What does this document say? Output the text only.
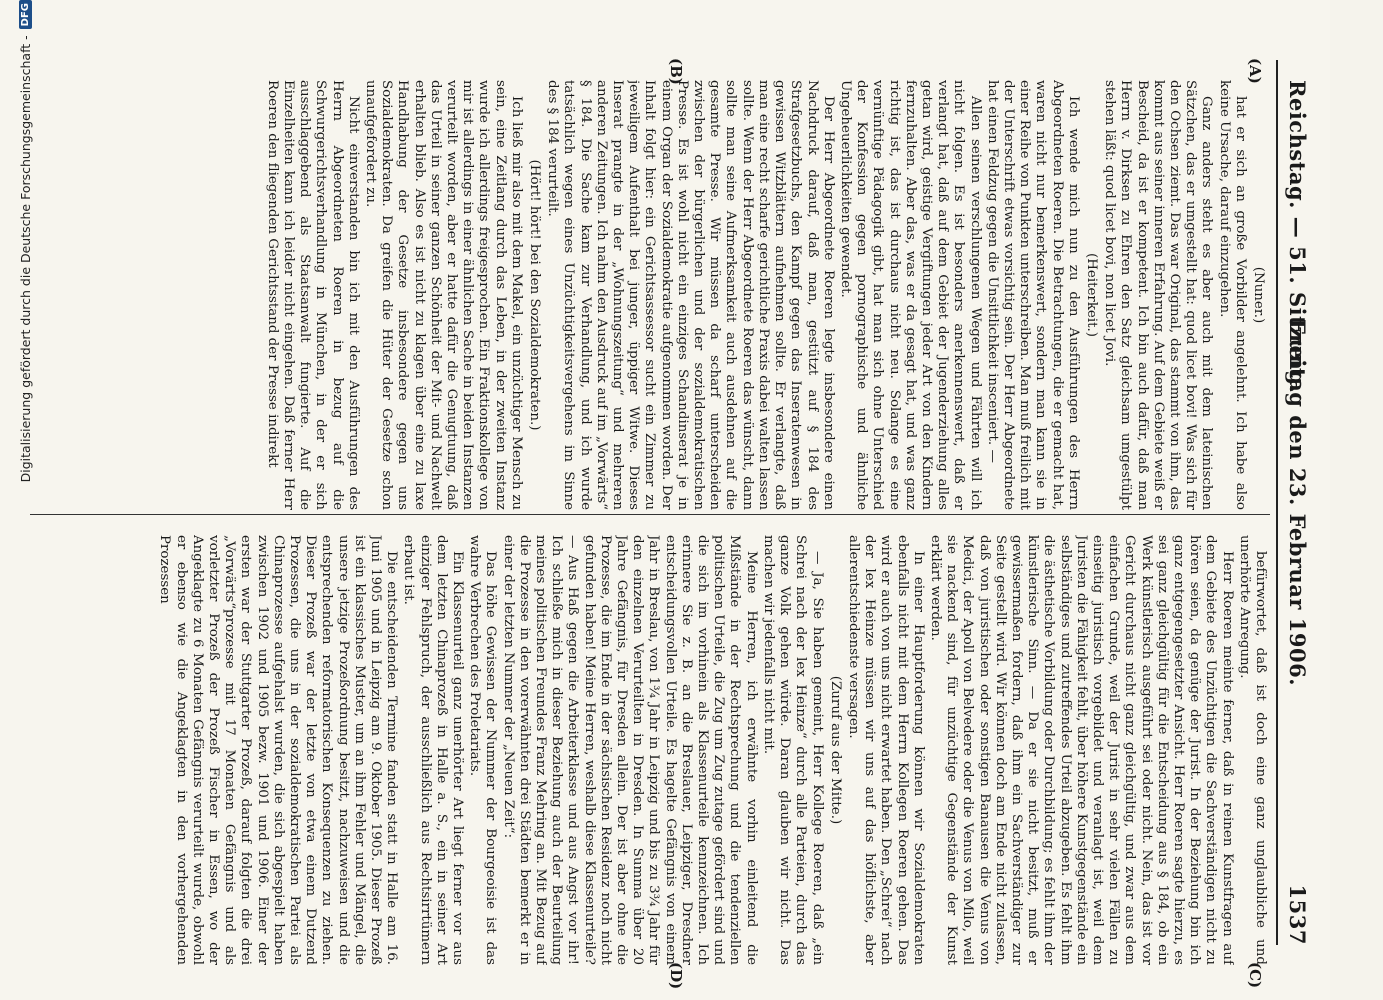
Reichstag. — 51. Sitzung.
Freitag den 23. Februar 1906.
1537
(A)
(B)
(C)
(D)

(Nuner.)

hat er sich an große Vorbilder angelehnt. Ich habe also keine Ursache, darauf einzugehen.

Ganz anders steht es aber auch mit dem lateinischen Sätzchen, das er umgestellt hat: quod licet bovi! Was sich für den Ochsen ziemt. Das war Original, das stammt von ihm, das kommt aus seiner inneren Erfahrung. Auf dem Gebiete weiß er Bescheid, da ist er kompetent. Ich bin auch dafür, daß man Herrn v. Dirksen zu Ehren den Satz gleichsam umgestülpt stehen läßt: quod licet bovi, non licet Jovi.

(Heiterkeit.)

Ich wende mich nun zu den Ausführungen des Herrn Abgeordneten Roeren. Die Betrachtungen, die er gemacht hat, waren nicht nur bemerkenswert, sondern man kann sie in einer Reihe von Punkten unterschreiben. Man muß freilich mit der Unterschrift etwas vorsichtig sein. Der Herr Abgeordnete hat einen Feldzug gegen die Unsittlichkeit insceniert. —

Allen seinen verschlungenen Wegen und Fährten will ich nicht folgen. Es ist besonders anerkennenswert, daß er verlangt hat, daß auf dem Gebiet der Jugenderziehung alles getan wird, geistige Vergiftungen jeder Art von den Kindern fernzuhalten. Aber das, was er da gesagt hat, und was ganz richtig ist, das ist durchaus nicht neu. Solange es eine vernünftige Pädagogik gibt, hat man sich ohne Unterschied der Konfession gegen pornographische und ähnliche Ungeheuerlichkeiten gewendet.

Der Herr Abgeordnete Roeren legte insbesondere einen Nachdruck darauf, daß man, gestützt auf § 184 des Strafgesetzbuchs, den Kampf gegen das Inseratenwesen in gewissen Witzblättern aufnehmen sollte. Er verlangte, daß man eine recht scharfe gerichtliche Praxis dabei walten lassen sollte. Wenn der Herr Abgeordnete Roeren das wünscht, dann sollte man seine Aufmerksamkeit auch ausdehnen auf die gesamte Presse. Wir müssen da scharf unterscheiden zwischen der bürgerlichen und der sozialdemokratischen Presse. Es ist wohl nicht ein einziges Schandinserat je in einem Organ der Sozialdemokratie aufgenommen worden. Der Inhalt folgt hier: ein Gerichtsassessor sucht ein Zimmer zu jeweiligem Aufenthalt bei junger, üppiger Witwe. Dieses Inserat prangte in der „Wohnungszeitung“ und mehreren anderen Zeitungen. Ich nahm den Ausdruck auf im „Vorwärts“ § 184. Die Sache kam zur Verhandlung, und ich wurde tatsächlich wegen eines Unzüchtigkeitsvergehens im Sinne des § 184 verurteilt.

(Hört! hört! bei den Sozialdemokraten.)

Ich ließ mir also mit dem Makel, ein unzüchtiger Mensch zu sein, eine Zeitlang durch das Leben, in der zweiten Instanz wurde ich allerdings freigesprochen. Ein Fraktionskollege von mir ist allerdings in einer ähnlichen Sache in beiden Instanzen verurteilt worden, aber er hatte dafür die Genugtuung, daß das Urteil in seiner ganzen Schönheit der Mit- und Nachwelt erhalten blieb. Also es ist nicht zu klagen über eine zu laxe Handhabung der Gesetze insbesondere gegen uns Sozialdemokraten. Da greifen die Hüter der Gesetze schon unaufgefordert zu.

Nicht einverstanden bin ich mit den Ausführungen des Herrn Abgeordneten Roeren in bezug auf die Schwurgerichtsverhandlung in München, in der er sich ausschlaggebend als Staatsanwalt fungierte. Auf die Einzelheiten kann ich leider nicht eingehen. Daß ferner Herr Roeren den fliegenden Gerichtsstand der Presse indirekt

befürwortet, daß ist doch eine ganz unglaubliche und unerhörte Anregung.

Herr Roeren meinte ferner, daß in reinen Kunstfragen auf dem Gebiete des Unzüchtigen die Sachverständigen nicht zu hören seien, da genüge der Jurist. In der Beziehung bin ich ganz entgegengesetzter Ansicht. Herr Roeren sagte hierzu, es sei ganz gleichgültig für die Entscheidung aus § 184, ob ein Werk künstlerisch ausgeführt sei oder nicht. Nein, das ist vor Gericht durchaus nicht ganz gleichgültig, und zwar aus dem einfachen Grunde, weil der Jurist in sehr vielen Fällen zu einseitig juristisch vorgebildet und veranlagt ist, weil dem Juristen die Fähigkeit fehlt, über höhere Kunstgegenstände ein selbständiges und zutreffendes Urteil abzugeben. Es fehlt ihm die ästhetische Vorbildung oder Durchbildung; es fehlt ihm der künstlerische Sinn. — Da er sie nicht besitzt, muß er gewissermaßen fordern, daß ihm ein Sachverständiger zur Seite gestellt wird. Wir können doch am Ende nicht zulassen, daß von juristischen oder sonstigen Banausen die Venus von Medici, der Apoll von Belvedere oder die Venus von Milo, weil sie nackend sind, für unzüchtige Gegenstände der Kunst erklärt werden.

In einer Hauptforderung können wir Sozialdemokraten ebenfalls nicht mit dem Herrn Kollegen Roeren gehen. Das wird er auch von uns nicht erwartet haben. Den „Schrei“ nach der lex Heinze müssen wir uns auf das höflichste, aber allerentschiedenste versagen.

(Zuruf aus der Mitte.)

— Ja, Sie haben gemeint, Herr Kollege Roeren, daß „ein Schrei nach der lex Heinze“ durch alle Parteien, durch das ganze Volk gehen würde. Daran glauben wir nicht. Das machen wir jedenfalls nicht mit.

Meine Herren, ich erwähnte vorhin einleitend die Mißstände in der Rechtsprechung und die tendenziellen politischen Urteile, die Zug um Zug zutage gefördert sind und die sich im vorhinein als Klassenurteile kennzeichnen. Ich erinnere Sie z. B. an die Breslauer, Leipziger, Dresdner entscheidungsvollen Urteile. Es hagelte Gefängnis von einem Jahr in Breslau, von 1¾ Jahr in Leipzig und bis zu 3¾ Jahr für den einzelnen Verurteilten in Dresden. In Summa über 20 Jahre Gefängnis, für Dresden allein. Der ist aber ohne die Prozesse, die im Ende in der sächsischen Residenz noch nicht gefunden haben! Meine Herren, weshalb diese Klassenurteile? — Aus Haß gegen die Arbeiterklasse und aus Angst vor ihr! Ich schließe mich in dieser Beziehung auch der Beurteilung meines politischen Freundes Franz Mehring an. Mit Bezug auf die Prozesse in den vorerwähnten drei Städten bemerkt er in einer der letzten Nummer der „Neuen Zeit“:

Das höhe Gewissen der Nummer der Bourgeoisie ist das wahre Verbrechen des Proletariats.

Ein Klassenurteil ganz unerhörter Art liegt ferner vor aus dem letzten Chinaprozeß in Halle a. S., ein in seiner Art einziger Fehlspruch, der ausschließlich aus Rechtsirrtümern erbaut ist.

Die entscheidenden Termine fanden statt in Halle am 16. Juni 1905 und in Leipzig am 9. Oktober 1905. Dieser Prozeß ist ein klassisches Muster, um an ihm Fehler und Mängel, die unsere jetzige Prozeßordnung besitzt, nachzuweisen und die entsprechenden reformatorischen Konsequenzen zu ziehen. Dieser Prozeß war der letzte von etwa einem Dutzend Prozessen, die uns in der sozialdemokratischen Partei als Chinaprozesse aufgehalst wurden, die sich abgespielt haben zwischen 1902 und 1905 bezw. 1901 und 1906. Einer der ersten war der Stuttgarter Prozeß, darauf folgten die drei „Vorwärts“prozesse mit 17 Monaten Gefängnis und als vorletzter Prozeß der Prozeß Fischer in Essen, wo der Angeklagte zu 6 Monaten Gefängnis verurteilt wurde, obwohl er ebenso wie die Angeklagten in den vorhergehenden Prozessen

Digitalisierung gefördert durch die Deutsche Forschungsgemeinschaft -
DFG
